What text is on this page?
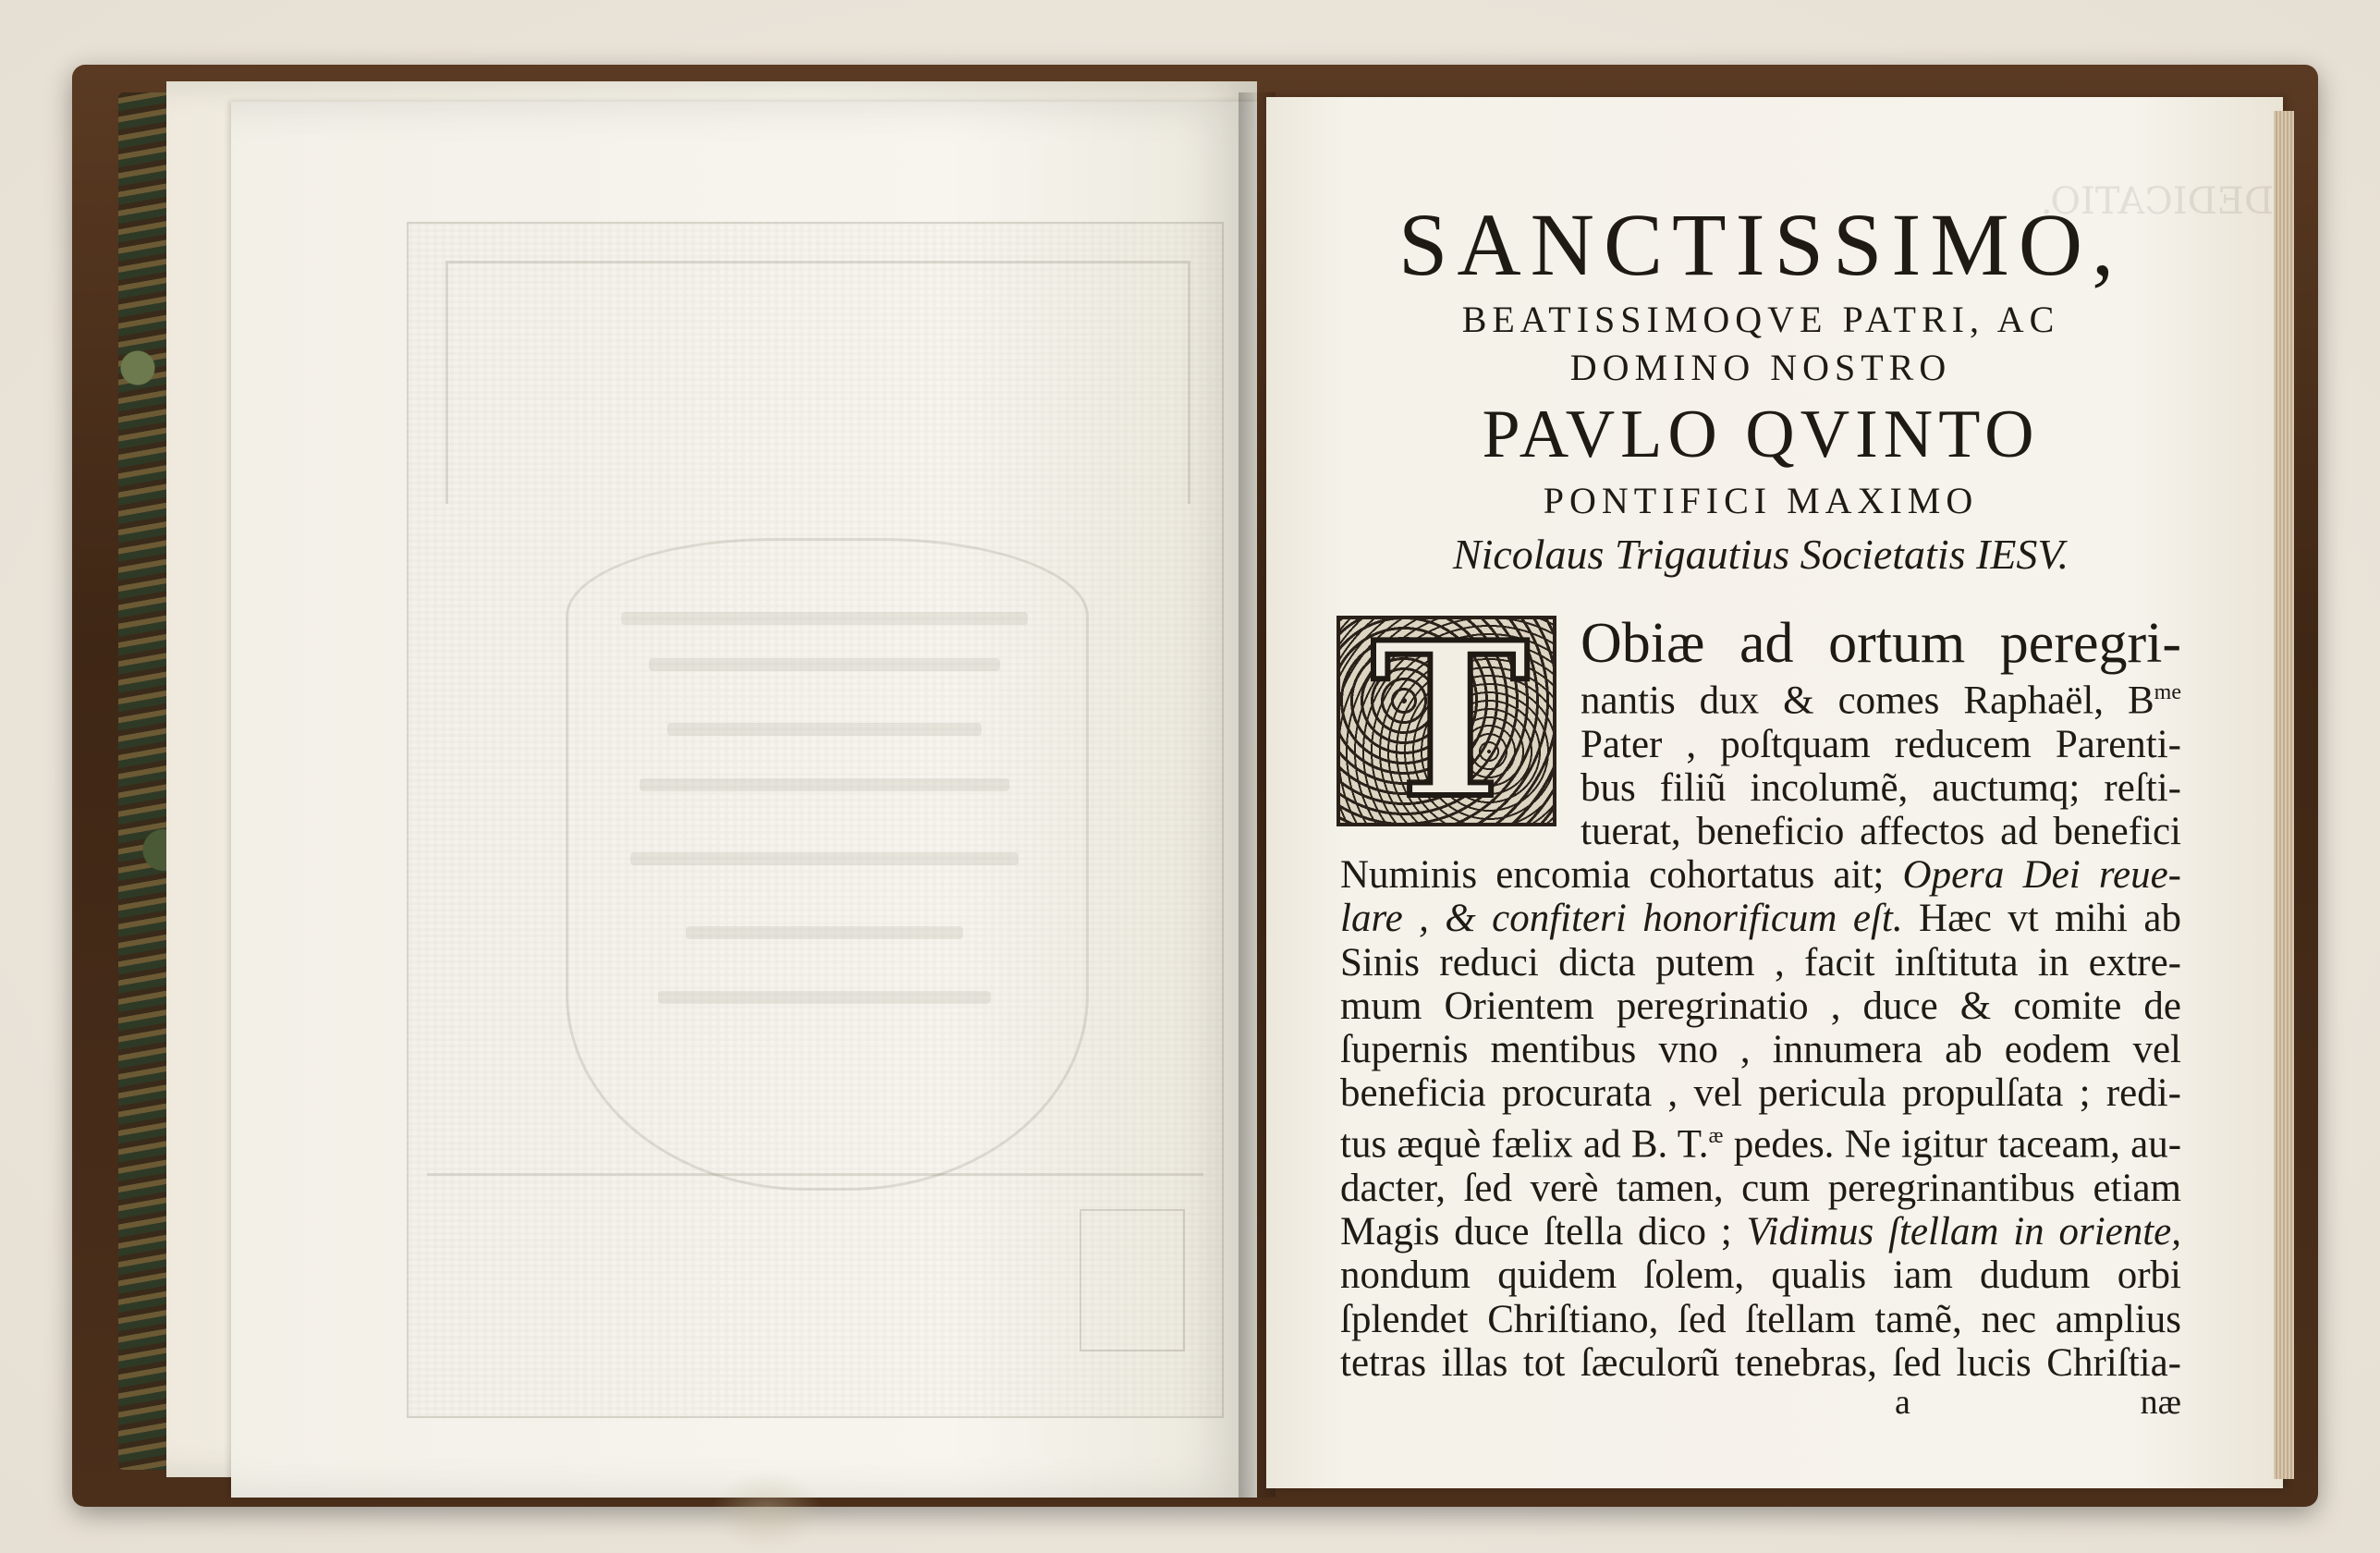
DEDICATIO.

SANCTISSIMO,

BEATISSIMOQVE PATRI, AC

DOMINO NOSTRO

PAVLO QVINTO

PONTIFICI MAXIMO

Nicolaus Trigautius Societatis IESV.

T Obiæ ad ortum peregri-
nantis dux & comes Raphaël, $B^{me}$
Pater , poſtquam reducem Parenti-
bus filiũ incolumẽ, auctumq; reſti-
tuerat, beneficio affectos ad benefici
Numinis encomia cohortatus ait; Opera Dei reue-
lare , & confiteri honorificum eſt. Hæc vt mihi ab
Sinis reduci dicta putem , facit inſtituta in extre-
mum Orientem peregrinatio , duce & comite de
ſupernis mentibus vno , innumera ab eodem vel
beneficia procurata , vel pericula propulſata ; redi-
tus æquè fælix ad B. T.$^æ$ pedes. Ne igitur taceam, au-
dacter, ſed verè tamen, cum peregrinantibus etiam
Magis duce ſtella dico ; Vidimus ſtellam in oriente,
nondum quidem ſolem, qualis iam dudum orbi
ſplendet Chriſtiano, ſed ſtellam tamẽ, nec amplius
tetras illas tot ſæculorũ tenebras, ſed lucis Chriſtia-
a	næ
